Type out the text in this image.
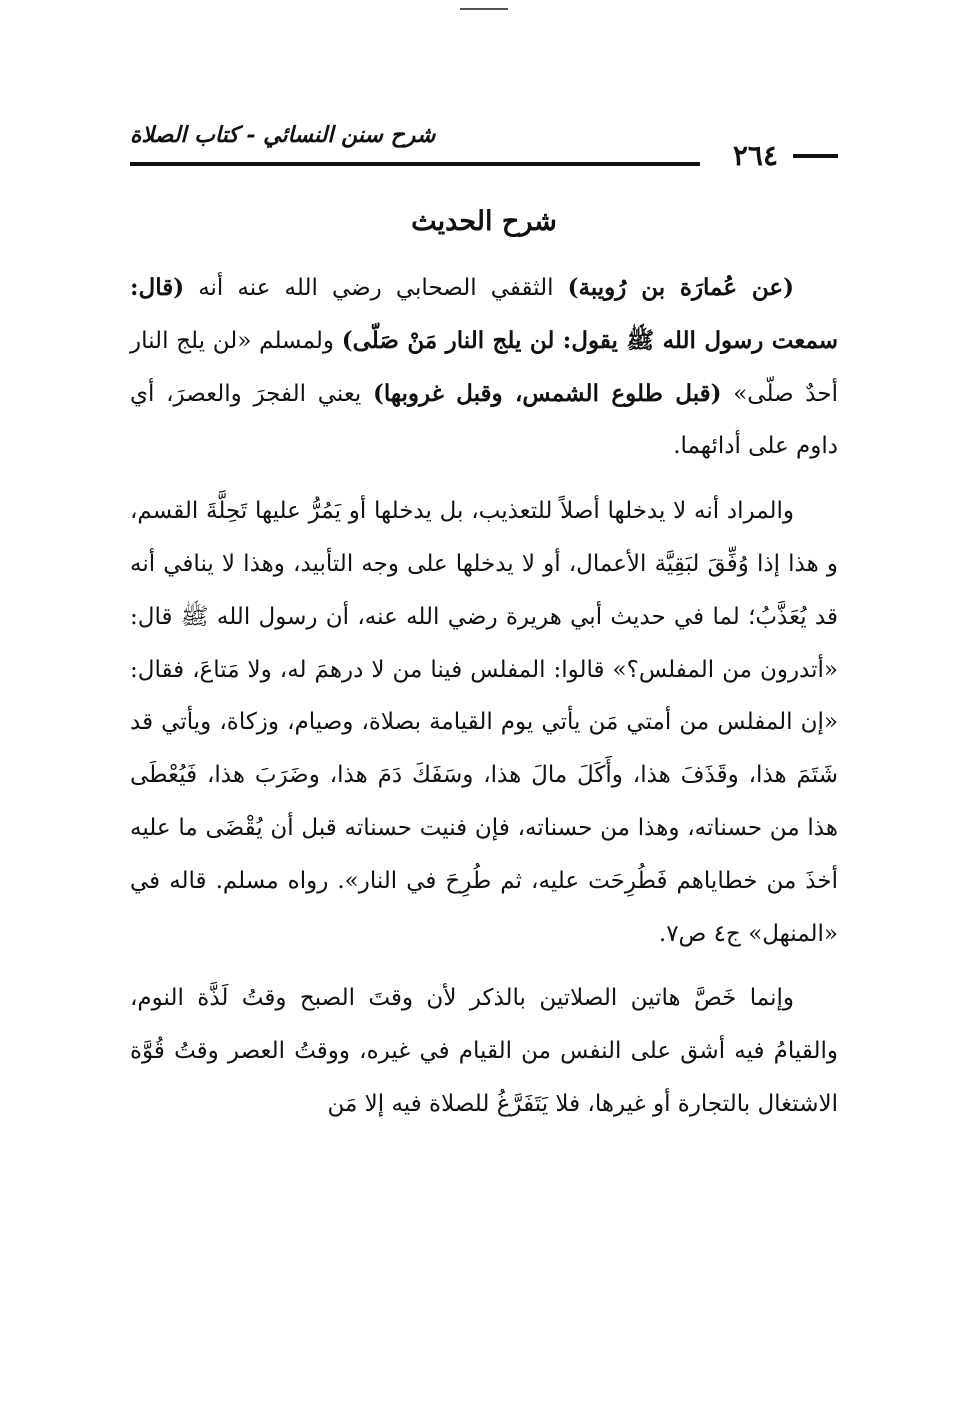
٢٦٤
شرح سنن النسائي - كتاب الصلاة
شرح الحديث

(عن عُمارَة بن رُويبة) الثقفي الصحابي رضي الله عنه أنه (قال: سمعت رسول الله ﷺ يقول: لن يلج النار مَنْ صَلّى) ولمسلم «لن يلج النار أحدٌ صلّى» (قبل طلوع الشمس، وقبل غروبها) يعني الفجرَ والعصرَ، أي داوم على أدائهما.

والمراد أنه لا يدخلها أصلاً للتعذيب، بل يدخلها أو يَمُرُّ عليها تَحِلَّةَ القسم، و هذا إذا وُفِّقَ لبَقِيَّة الأعمال، أو لا يدخلها على وجه التأبيد، وهذا لا ينافي أنه قد يُعَذَّبُ؛ لما في حديث أبي هريرة رضي الله عنه، أن رسول الله ﷺ قال: «أتدرون من المفلس؟» قالوا: المفلس فينا من لا درهمَ له، ولا مَتاعَ، فقال: «إن المفلس من أمتي مَن يأتي يوم القيامة بصلاة، وصيام، وزكاة، ويأتي قد شَتَمَ هذا، وقَذَفَ هذا، وأَكَلَ مالَ هذا، وسَفَكَ دَمَ هذا، وضَرَبَ هذا، فَيُعْطَى هذا من حسناته، وهذا من حسناته، فإن فنيت حسناته قبل أن يُقْضَى ما عليه أخذَ من خطاياهم فَطُرِحَت عليه، ثم طُرِحَ في النار». رواه مسلم. قاله في «المنهل» ج٤ ص٧.

وإنما خَصَّ هاتين الصلاتين بالذكر لأن وقتَ الصبح وقتُ لَذَّة النوم، والقيامُ فيه أشق على النفس من القيام في غيره، ووقتُ العصر وقتُ قُوَّة الاشتغال بالتجارة أو غيرها، فلا يَتَفَرَّغُ للصلاة فيه إلا مَن
